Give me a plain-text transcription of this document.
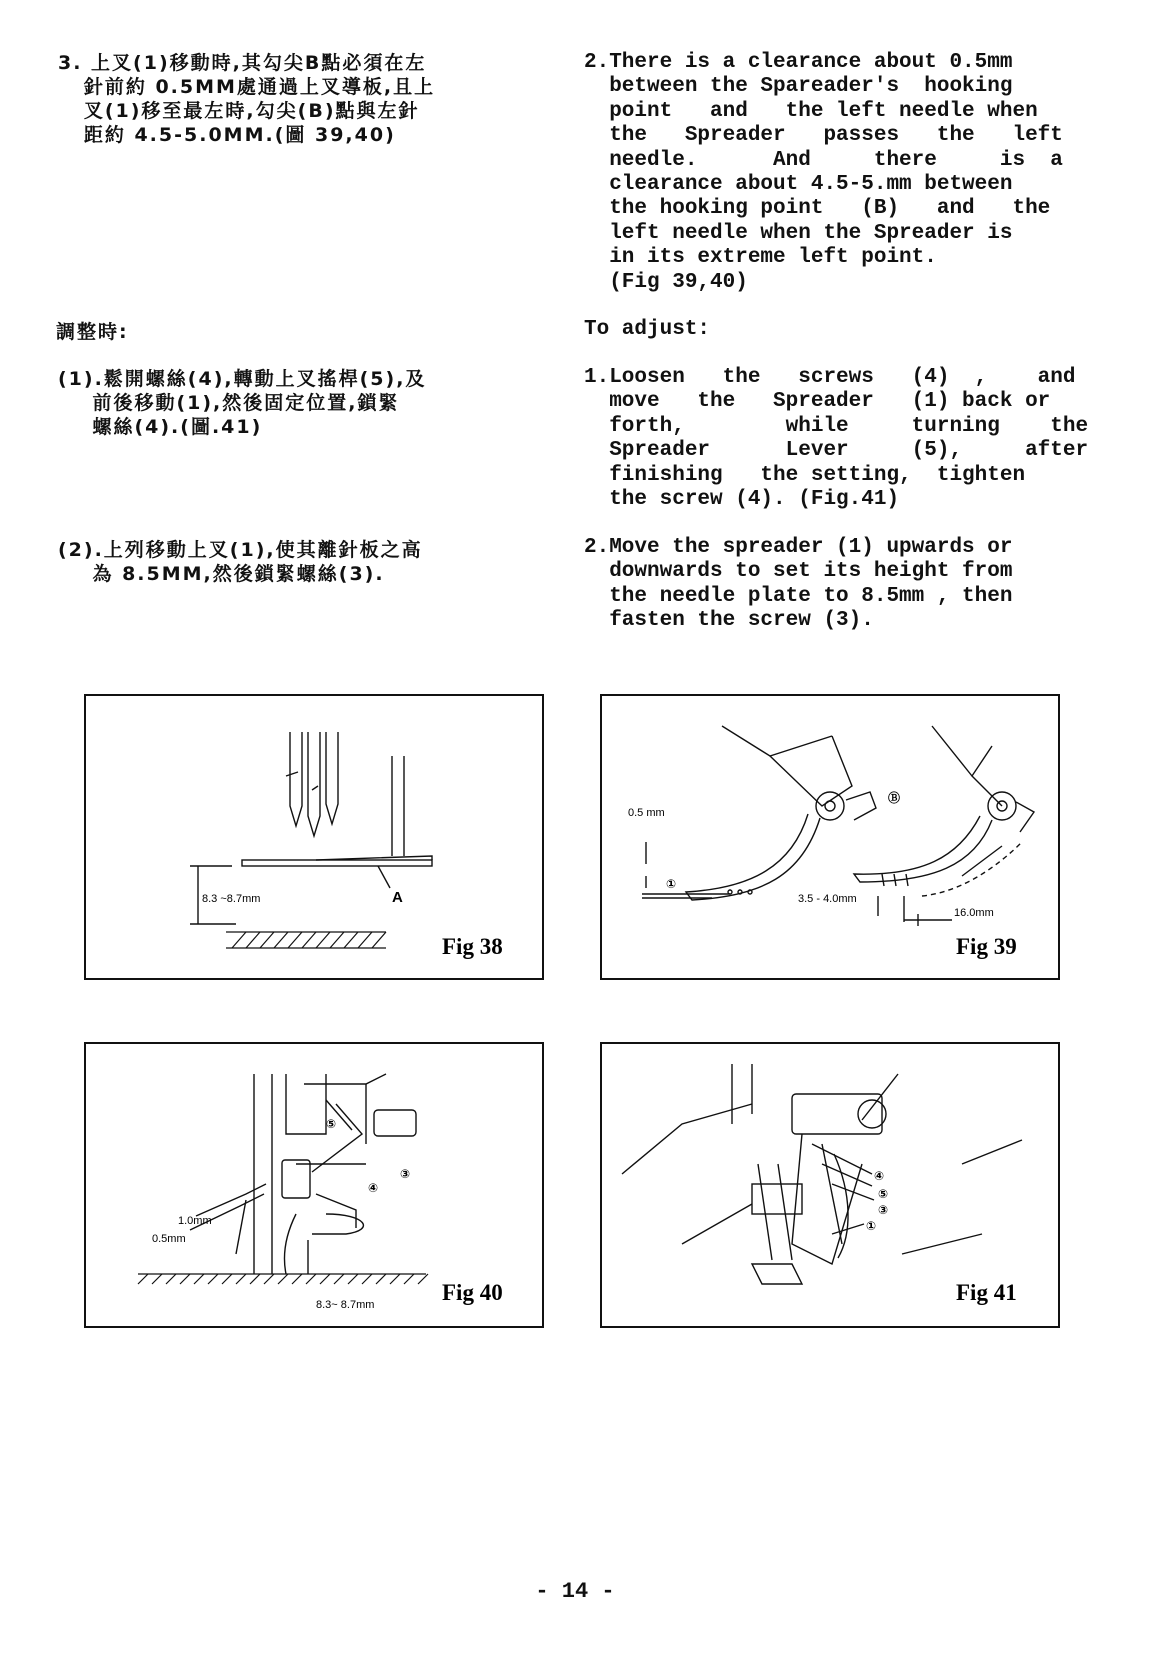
3. 上叉(1)移動時,其勾尖B點必須在左
針前約 0.5MM處通過上叉導板,且上
叉(1)移至最左時,勾尖(B)點與左針
距約 4.5-5.0MM.(圖 39,40)
2.There is a clearance about 0.5mm
between the Spareader's  hooking
point   and   the left needle when
the   Spreader   passes   the   left
needle.      And     there     is  a
clearance about 4.5-5.mm between
the hooking point   (B)   and   the
left needle when the Spreader is
in its extreme left point.
(Fig 39,40)
調整時:	To adjust:
(1).鬆開螺絲(4),轉動上叉搖桿(5),及
前後移動(1),然後固定位置,鎖緊
螺絲(4).(圖.41)
1.Loosen   the   screws   (4)  ,    and
move   the   Spreader   (1) back or
forth,        while     turning    the
Spreader      Lever     (5),     after
finishing   the setting,  tighten
the screw (4). (Fig.41)
(2).上列移動上叉(1),使其離針板之高
為 8.5MM,然後鎖緊螺絲(3).
2.Move the spreader (1) upwards or
downwards to set its height from
the needle plate to 8.5mm , then
fasten the screw (3).
8.3 ~8.7mm	A
Fig 38
0.5 mm
3.5 - 4.0mm
16.0mm
①
Ⓑ
Fig 39
1.0mm
0.5mm
8.3~ 8.7mm
⑤
④
③
Fig 40
④
⑤
③
①
Fig 41
- 14 -
